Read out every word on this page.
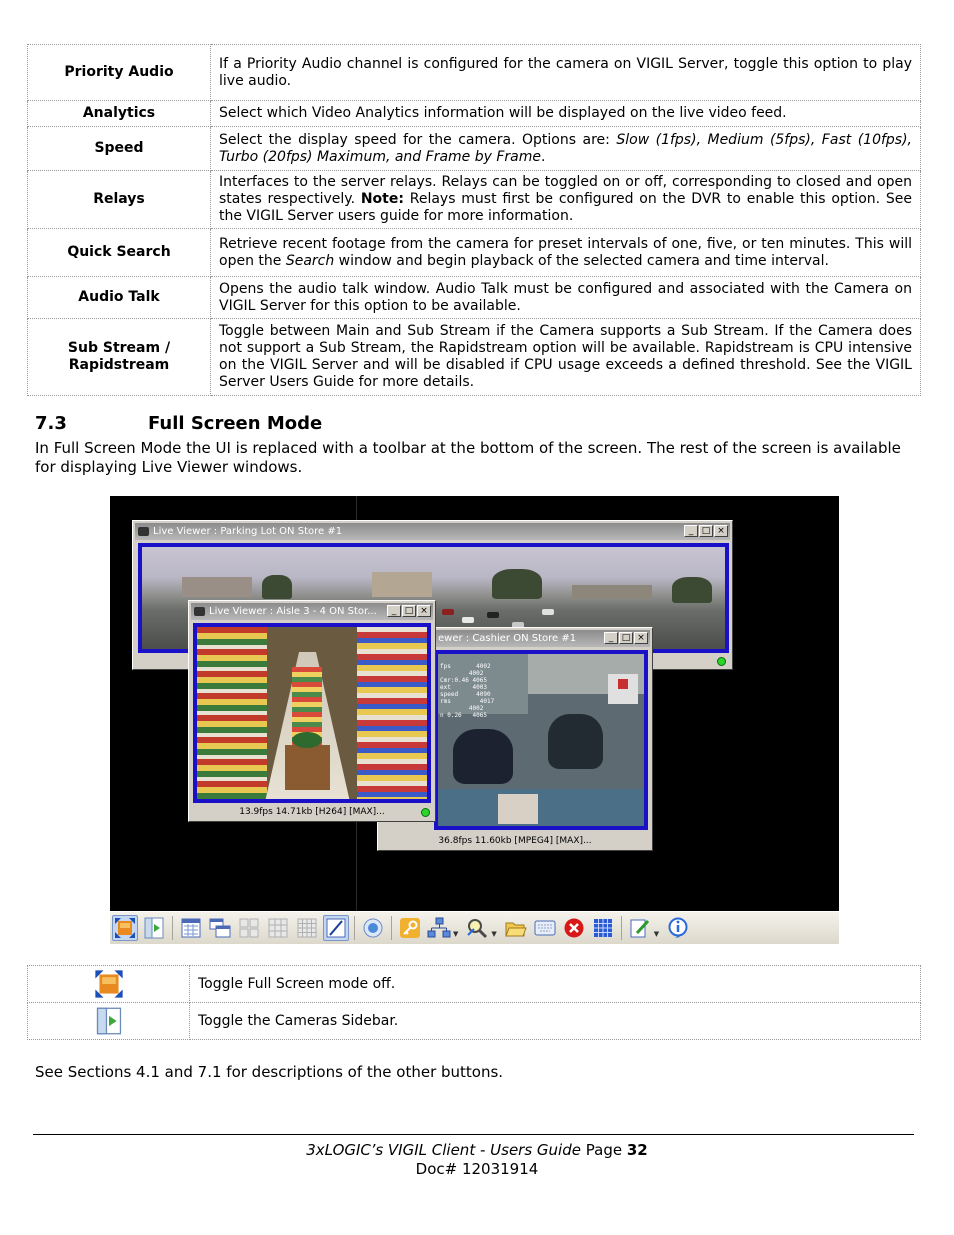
Priority Audio	If a Priority Audio channel is configured for the camera on VIGIL Server, toggle this option to play live audio.
Analytics	Select which Video Analytics information will be displayed on the live video feed.
Speed	Select the display speed for the camera. Options are: Slow (1fps), Medium (5fps), Fast (10fps), Turbo (20fps) Maximum, and Frame by Frame.
Relays	Interfaces to the server relays. Relays can be toggled on or off, corresponding to closed and open states respectively. Note: Relays must first be configured on the DVR to enable this option. See the VIGIL Server users guide for more information.
Quick Search	Retrieve recent footage from the camera for preset intervals of one, five, or ten minutes. This will open the Search window and begin playback of the selected camera and time interval.
Audio Talk	Opens the audio talk window. Audio Talk must be configured and associated with the Camera on VIGIL Server for this option to be available.
Sub Stream / Rapidstream	Toggle between Main and Sub Stream if the Camera supports a Sub Stream. If the Camera does not support a Sub Stream, the Rapidstream option will be available. Rapidstream is CPU intensive on the VIGIL Server and will be disabled if CPU usage exceeds a defined threshold. See the VIGIL Server Users Guide for more details.
7.3	Full Screen Mode
In Full Screen Mode the UI is replaced with a toolbar at the bottom of the screen. The rest of the screen is available for displaying Live Viewer windows.
Live Viewer : Parking Lot ON Store #1	_ □ ×
ewer : Cashier ON Store #1	_ □ ×

fps       4002
4002
Cmr:0.46 4065
ext      4003
speed     4090
rms        4017
4002
n 0.26   4065
36.8fps 11.60kb [MPEG4] [MAX]...
Live Viewer : Aisle 3 - 4 ON Stor...	_ □ ×
13.9fps 14.71kb [H264] [MAX]...
▼	▼	▼
	Toggle Full Screen mode off.
	Toggle the Cameras Sidebar.
See Sections 4.1 and 7.1 for descriptions of the other buttons.
3xLOGIC’s VIGIL Client - Users Guide Page 32
Doc# 12031914
